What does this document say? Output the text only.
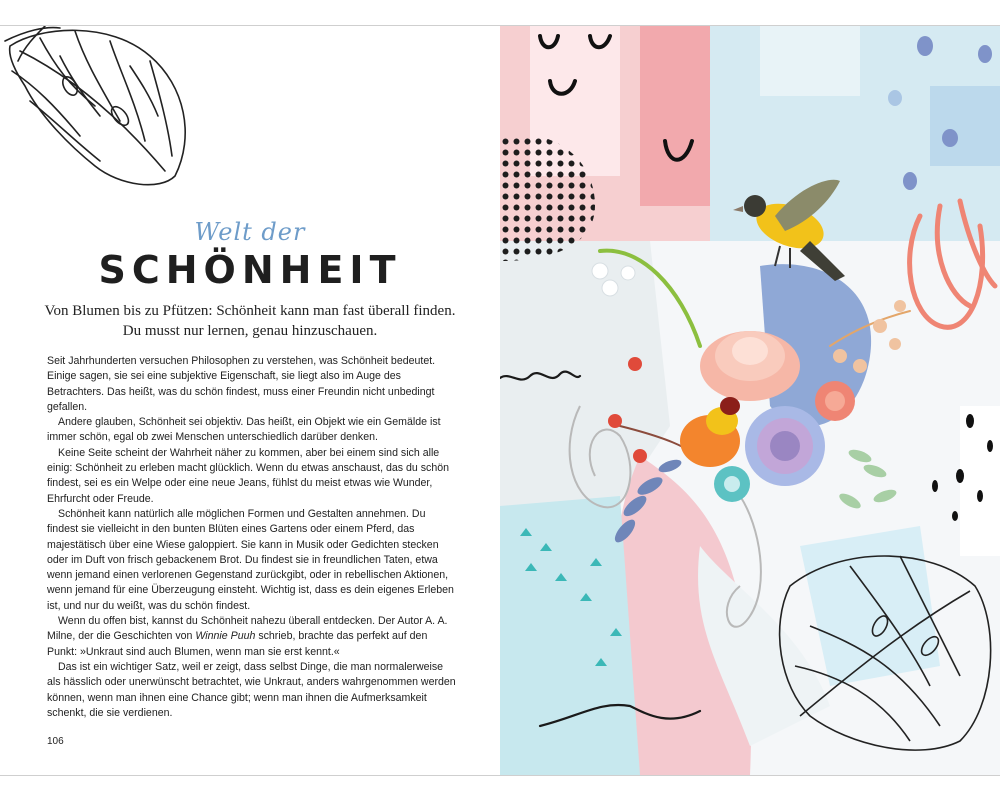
Welt der
SCHÖNHEIT
Von Blumen bis zu Pfützen: Schönheit kann man fast überall finden.
Du musst nur lernen, genau hinzuschauen.

Seit Jahrhunderten versuchen Philosophen zu verstehen, was Schönheit bedeutet. Einige sagen, sie sei eine subjektive Eigenschaft, sie liegt also im Auge des Betrachters. Das heißt, was du schön findest, muss einer Freundin nicht unbedingt gefallen.

Andere glauben, Schönheit sei objektiv. Das heißt, ein Objekt wie ein Gemälde ist immer schön, egal ob zwei Menschen unterschiedlich darüber denken.

Keine Seite scheint der Wahrheit näher zu kommen, aber bei einem sind sich alle einig: Schönheit zu erleben macht glücklich. Wenn du etwas anschaust, das du schön findest, sei es ein Welpe oder eine neue Jeans, fühlst du meist etwas wie Wunder, Ehrfurcht oder Freude.

Schönheit kann natürlich alle möglichen Formen und Gestalten annehmen. Du findest sie vielleicht in den bunten Blüten eines Gartens oder einem Pferd, das majestätisch über eine Wiese galoppiert. Sie kann in Musik oder Gedichten stecken oder im Duft von frisch gebackenem Brot. Du findest sie in freundlichen Taten, etwa wenn jemand einen verlorenen Gegenstand zurückgibt, oder in rebellischen Aktionen, wenn jemand für eine Überzeugung einsteht. Wichtig ist, dass es dein eigenes Erleben ist, und nur du weißt, was du schön findest.

Wenn du offen bist, kannst du Schönheit nahezu überall entdecken. Der Autor A. A. Milne, der die Geschichten von Winnie Puuh schrieb, brachte das perfekt auf den Punkt: »Unkraut sind auch Blumen, wenn man sie erst kennt.«

Das ist ein wichtiger Satz, weil er zeigt, dass selbst Dinge, die man normalerweise als hässlich oder unerwünscht betrachtet, wie Unkraut, anders wahrgenommen werden können, wenn man ihnen eine Chance gibt; wenn man ihnen die Aufmerksamkeit schenkt, die sie verdienen.

106
